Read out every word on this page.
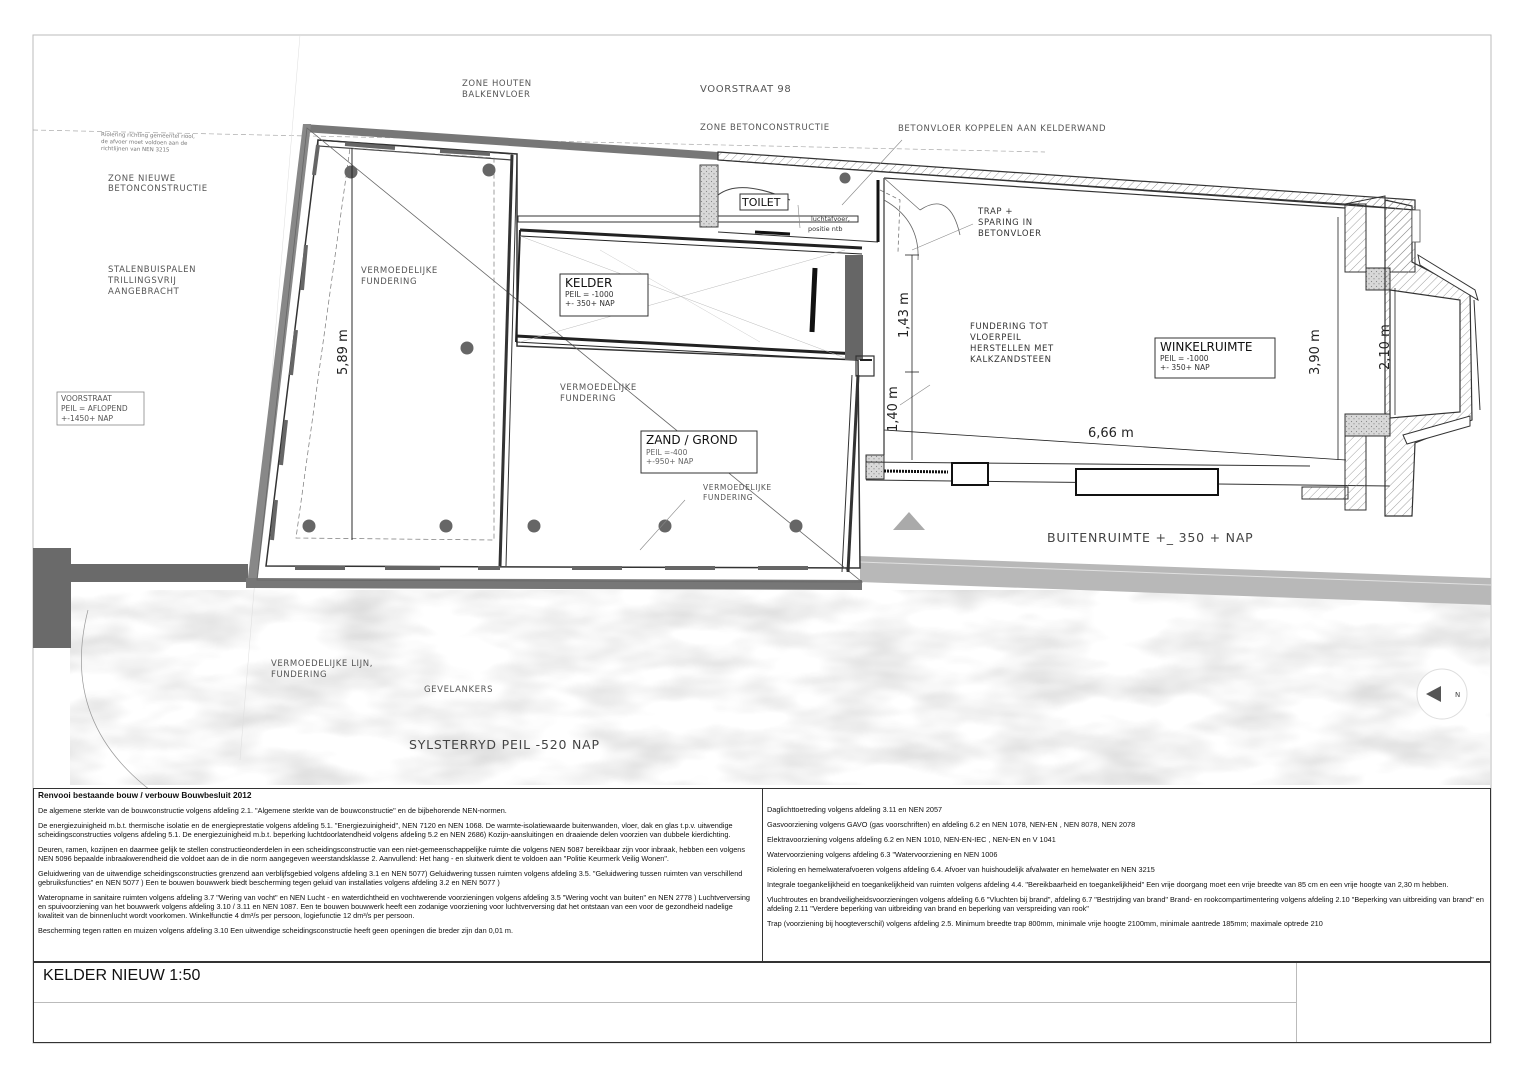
N
ZONE HOUTEN
BALKENVLOER	VOORSTRAAT 98
ZONE BETONCONSTRUCTIE	BETONVLOER KOPPELEN AAN KELDERWAND
Riolering richting gemeentel riool,
de afvoer moet voldoen aan de
richtlijnen van NEN 3215
ZONE NIEUWE
BETONCONSTRUCTIE
STALENBUISPALEN
TRILLINGSVRIJ
AANGEBRACHT
VERMOEDELIJKE
FUNDERING
VERMOEDELIJKE
FUNDERING
VERMOEDELIJKE
FUNDERING
VOORSTRAAT
PEIL = AFLOPEND
+-1450+ NAP
TOILET
luchtafvoer,
positie ntb
TRAP +
SPARING IN
BETONVLOER
FUNDERING TOT
VLOERPEIL
HERSTELLEN MET
KALKZANDSTEEN
BUITENRUIMTE +_ 350 + NAP
VERMOEDELIJKE LIJN,
FUNDERING
GEVELANKERS
SYLSTERRYD PEIL -520 NAP
KELDER
PEIL = -1000
+- 350+ NAP
ZAND / GROND
PEIL =-400
+-950+ NAP
WINKELRUIMTE
PEIL = -1000
+- 350+ NAP
5,89 m
1,43 m
1,40 m
6,66 m
3,90 m	2,10 m
Renvooi bestaande bouw / verbouw Bouwbesluit 2012

De algemene sterkte van de bouwconstructie volgens afdeling 2.1. "Algemene sterkte van de bouwconstructie" en de bijbehorende NEN-normen.

De energiezuinigheid m.b.t. thermische isolatie en de energieprestatie volgens afdeling 5.1. "Energiezuinigheid", NEN 7120 en NEN 1068. De warmte-isolatiewaarde buitenwanden, vloer, dak en glas t.p.v. uitwendige scheidingsconstructies volgens afdeling 5.1. De energiezuinigheid m.b.t. beperking luchtdoorlatendheid volgens afdeling 5.2 en NEN 2686) Kozijn-aansluitingen en draaiende delen voorzien van dubbele kierdichting.

Deuren, ramen, kozijnen en daarmee gelijk te stellen constructieonderdelen in een scheidingsconstructie van een niet-gemeenschappelijke ruimte die volgens NEN 5087 bereikbaar zijn voor inbraak, hebben een volgens NEN 5096 bepaalde inbraakwerendheid die voldoet aan de in die norm aangegeven weerstandsklasse 2. Aanvullend: Het hang - en sluitwerk dient te voldoen aan "Politie Keurmerk Veilig Wonen".

Geluidwering van de uitwendige scheidingsconstructies grenzend aan verblijfsgebied volgens afdeling 3.1 en NEN 5077) Geluidwering tussen ruimten volgens afdeling 3.5. "Geluidwering tussen ruimten van verschillend gebruiksfuncties" en NEN 5077 ) Een te bouwen bouwwerk biedt bescherming tegen geluid van installaties volgens afdeling 3.2 en NEN 5077 )

Wateropname in sanitaire ruimten volgens afdeling 3.7 "Wering van vocht" en NEN Lucht - en waterdichtheid en vochtwerende voorzieningen volgens afdeling 3.5 "Wering vocht van buiten" en NEN 2778 ) Luchtverversing en spuivoorziening van het bouwwerk volgens afdeling 3.10 / 3.11 en NEN 1087. Een te bouwen bouwwerk heeft een zodanige voorziening voor luchtverversing dat het ontstaan van een voor de gezondheid nadelige kwaliteit van de binnenlucht wordt voorkomen. Winkelfunctie 4 dm³/s per persoon, logiefunctie 12 dm³/s per persoon.

Bescherming tegen ratten en muizen volgens afdeling 3.10 Een uitwendige scheidingsconstructie heeft geen openingen die breder zijn dan 0,01 m.

Daglichttoetreding volgens afdeling 3.11 en NEN 2057

Gasvoorziening volgens GAVO (gas voorschriften) en afdeling 6.2 en NEN 1078, NEN-EN , NEN 8078, NEN 2078

Elektravoorziening volgens afdeling 6.2 en NEN 1010, NEN-EN-IEC , NEN-EN en V 1041

Watervoorziening volgens afdeling 6.3 "Watervoorziening en NEN 1006

Riolering en hemelwaterafvoeren volgens afdeling 6.4. Afvoer van huishoudelijk afvalwater en hemelwater en NEN 3215

Integrale toegankelijkheid en toegankelijkheid van ruimten volgens afdeling 4.4. "Bereikbaarheid en toegankelijkheid" Een vrije doorgang moet een vrije breedte van 85 cm en een vrije hoogte van 2,30 m hebben.

Vluchtroutes en brandveiligheidsvoorzieningen volgens afdeling 6.6 "Vluchten bij brand", afdeling 6.7 "Bestrijding van brand" Brand- en rookcompartimentering volgens afdeling 2.10 "Beperking van uitbreiding van brand" en afdeling 2.11 "Verdere beperking van uitbreiding van brand en beperking van verspreiding van rook"

Trap (voorziening bij hoogteverschil) volgens afdeling 2.5. Minimum breedte trap 800mm, minimale vrije hoogte 2100mm, minimale aantrede 185mm; maximale optrede 210

KELDER NIEUW 1:50
